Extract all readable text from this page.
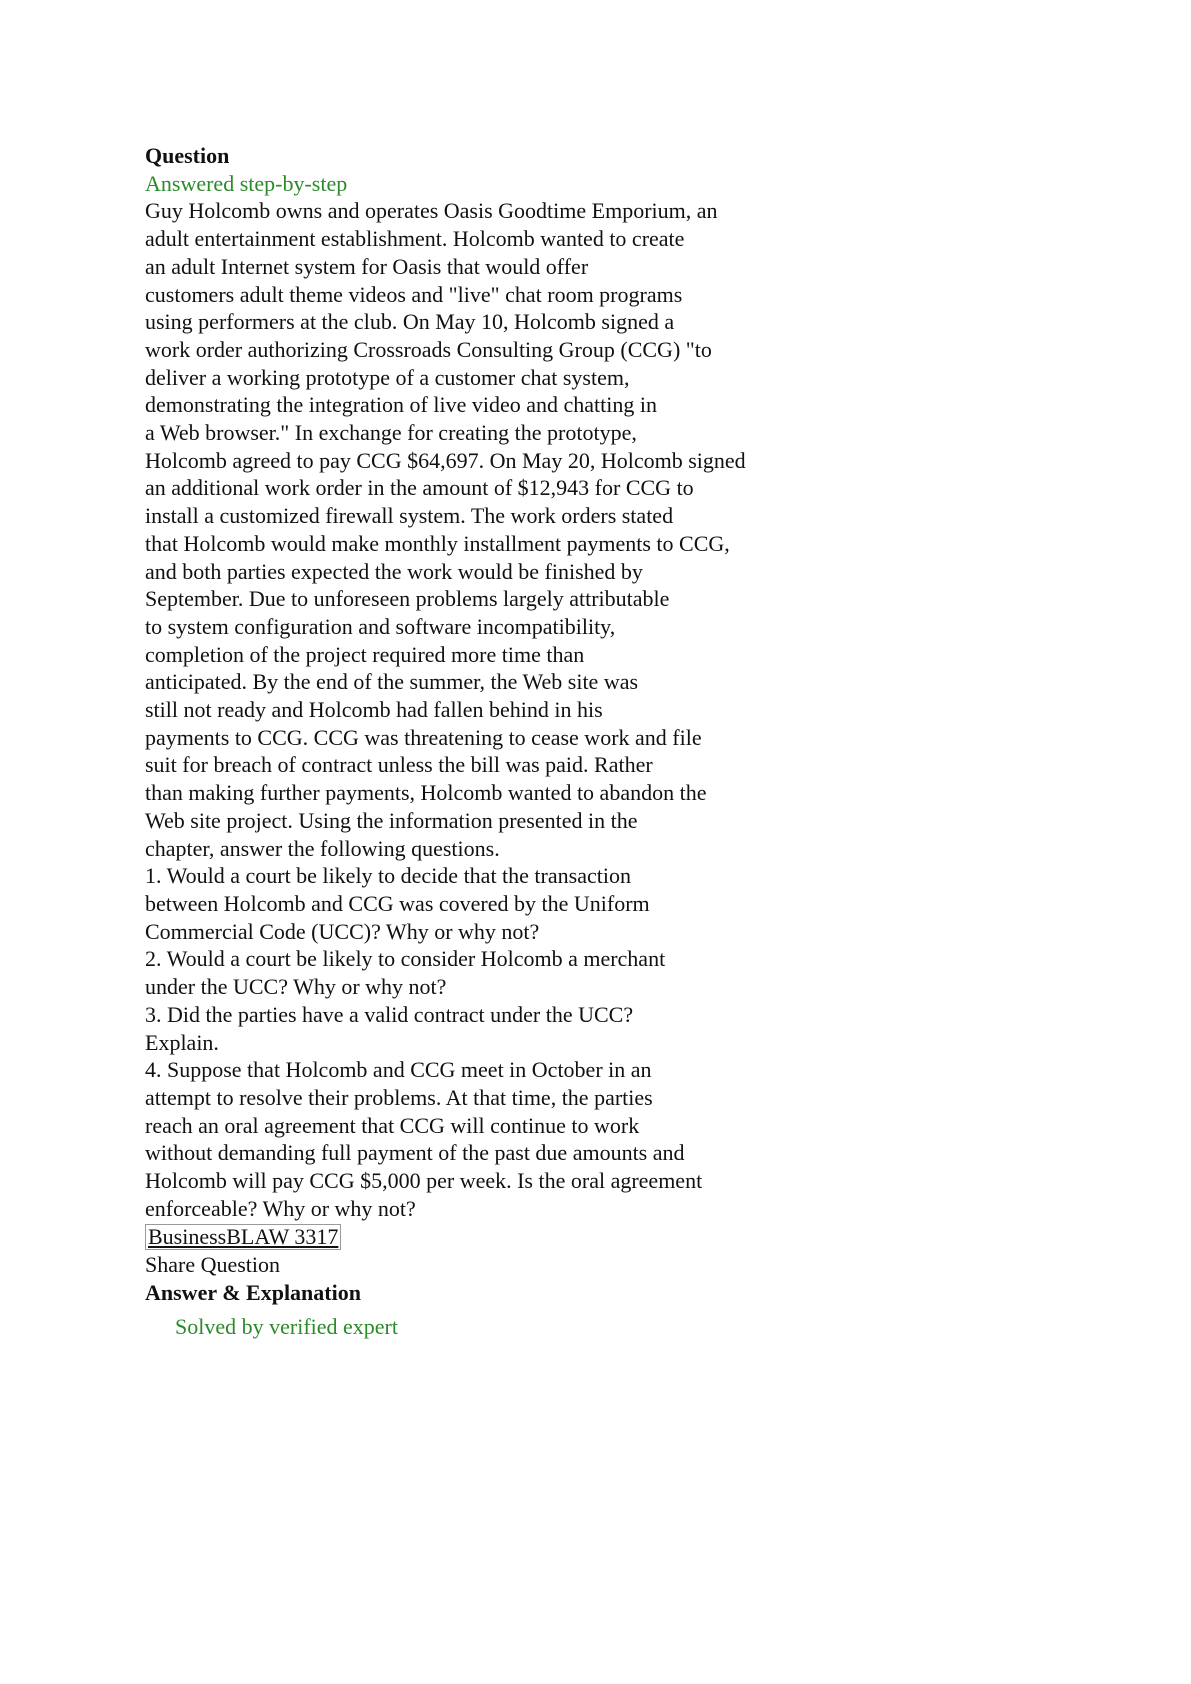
Question
Answered step-by-step
Guy Holcomb owns and operates Oasis Goodtime Emporium, an
adult entertainment establishment. Holcomb wanted to create
an adult Internet system for Oasis that would offer
customers adult theme videos and "live" chat room programs
using performers at the club. On May 10, Holcomb signed a
work order authorizing Crossroads Consulting Group (CCG) "to
deliver a working prototype of a customer chat system,
demonstrating the integration of live video and chatting in
a Web browser." In exchange for creating the prototype,
Holcomb agreed to pay CCG $64,697. On May 20, Holcomb signed
an additional work order in the amount of $12,943 for CCG to
install a customized firewall system. The work orders stated
that Holcomb would make monthly installment payments to CCG,
and both parties expected the work would be finished by
September. Due to unforeseen problems largely attributable
to system configuration and software incompatibility,
completion of the project required more time than
anticipated. By the end of the summer, the Web site was
still not ready and Holcomb had fallen behind in his
payments to CCG. CCG was threatening to cease work and file
suit for breach of contract unless the bill was paid. Rather
than making further payments, Holcomb wanted to abandon the
Web site project. Using the information presented in the
chapter, answer the following questions.
1. Would a court be likely to decide that the transaction
between Holcomb and CCG was covered by the Uniform
Commercial Code (UCC)? Why or why not?
2. Would a court be likely to consider Holcomb a merchant
under the UCC? Why or why not?
3. Did the parties have a valid contract under the UCC?
Explain.
4. Suppose that Holcomb and CCG meet in October in an
attempt to resolve their problems. At that time, the parties
reach an oral agreement that CCG will continue to work
without demanding full payment of the past due amounts and
Holcomb will pay CCG $5,000 per week. Is the oral agreement
enforceable? Why or why not?
BusinessBLAW 3317
Share Question
Answer & Explanation
Solved by verified expert
